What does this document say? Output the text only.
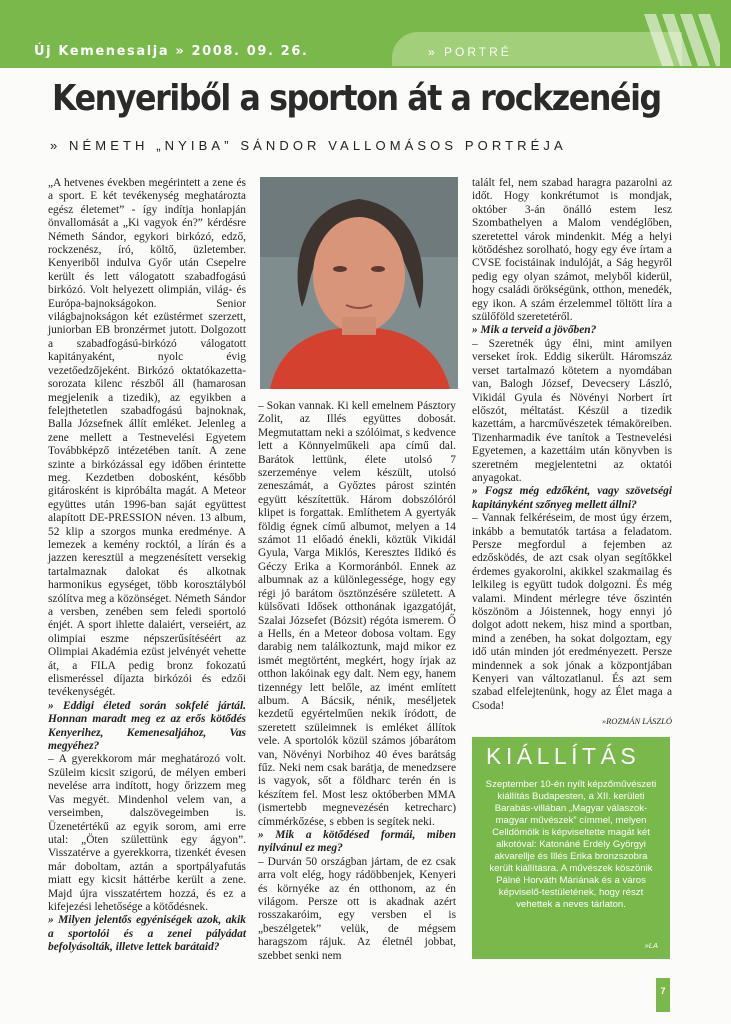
Új Kemenesalja » 2008. 09. 26.	» PORTRÉ
Kenyeriből a sporton át a rockzenéig
» NÉMETH „NYIBA” SÁNDOR VALLOMÁSOS PORTRÉJA

„A hetvenes években megérintett a zene és a sport. E két tevékenység meghatározta egész életemet” - így indítja honlapján önvallomását a „Ki vagyok én?” kérdésre Németh Sándor, egykori birkózó, edző, rockzenész, író, költő, üzletember. Kenyeriből indulva Győr után Csepelre került és lett válogatott szabadfogású birkózó. Volt helyezett olimpián, világ- és Európa-bajnokságokon. Senior világbajnokságon két ezüstérmet szerzett, juniorban EB bronzérmet jutott. Dolgozott a szabadfogású-birkózó válogatott kapitányaként, nyolc évig vezetőedzőjeként. Birkózó oktatókazetta-sorozata kilenc részből áll (hamarosan megjelenik a tizedik), az egyikben a felejthetetlen szabadfogású bajnoknak, Balla Józsefnek állít emléket. Jelenleg a zene mellett a Testnevelési Egyetem Továbbképző intézetében tanít. A zene szinte a birkózással egy időben érintette meg. Kezdetben dobosként, később gitárosként is kipróbálta magát. A Meteor együttes után 1996-ban saját együttest alapított DE-PRESSION néven. 13 album, 52 klip a szorgos munka eredménye. A lemezek a kemény rocktól, a lírán és a jazzen keresztül a megzenésített versekig tartalmaznak dalokat és alkotnak harmonikus egységet, több korosztályból szólítva meg a közönséget. Németh Sándor a versben, zenében sem feledi sportoló énjét. A sport ihlette dalaiért, verseiért, az olimpiai eszme népszerűsítéséért az Olimpiai Akadémia ezüst jelvényét vehette át, a FILA pedig bronz fokozatú elismeréssel díjazta birkózói és edzői tevékenységét.

» Eddigi életed során sokfelé jártál. Honnan maradt meg ez az erős kötődés Kenyerihez, Kemenesaljához, Vas megyéhez?

– A gyerekkorom már meghatározó volt. Szüleim kicsit szigorú, de mélyen emberi nevelése arra indított, hogy őrizzem meg Vas megyét. Mindenhol velem van, a verseimben, dalszövegeimben is. Üzenetértékű az egyik sorom, ami erre utal: „Öten születtünk egy ágyon”. Visszatérve a gyerekkorra, tizenkét évesen már doboltam, aztán a sportpályafutás miatt egy kicsit háttérbe került a zene. Majd újra visszatértem hozzá, és ez a kifejezési lehetősége a kötődésnek.

» Milyen jelentős egyéniségek azok, akik a sportolói és a zenei pályádat befolyásolták, illetve lettek barátaid?

– Sokan vannak. Ki kell emelnem Pásztory Zolit, az Illés együttes dobosát. Megmutattam neki a szólóimat, s kedvence lett a Könnyelműkeli apa című dal. Barátok lettünk, élete utolsó 7 szerzeménye velem készült, utolsó zeneszámát, a Győztes párost szintén együtt készítettük. Három dobszólóról klipet is forgattak. Említhetem A gyertyák földig égnek című albumot, melyen a 14 számot 11 előadó énekli, köztük Vikidál Gyula, Varga Miklós, Keresztes Ildikó és Géczy Erika a Kormoránból. Ennek az albumnak az a különlegessége, hogy egy régi jó barátom ösztönzésére született. A külsővati Idősek otthonának igazgatóját, Szalai Józsefet (Bózsit) régóta ismerem. Ő a Hells, én a Meteor dobosa voltam. Egy darabig nem találkoztunk, majd mikor ez ismét megtörtént, megkért, hogy írjak az otthon lakóinak egy dalt. Nem egy, hanem tizennégy lett belőle, az imént említett album. A Bácsik, nénik, meséljetek kezdetű egyértelműen nekik íródott, de szeretett szüleimnek is emléket állítok vele. A sportolók közül számos jóbarátom van, Növényi Norbihoz 40 éves barátság fűz. Neki nem csak barátja, de menedzsere is vagyok, sőt a földharc terén én is készítem fel. Most lesz októberben MMA (ismertebb megnevezésén ketrecharc) címmérkőzése, s ebben is segítek neki.

» Mik a kötődésed formái, miben nyilvánul ez meg?

– Durván 50 országban jártam, de ez csak arra volt elég, hogy rádöbbenjek, Kenyeri és környéke az én otthonom, az én világom. Persze ott is akadnak azért rosszakaróim, egy versben el is „beszélgetek” velük, de mégsem haragszom rájuk. Az életnél jobbat, szebbet senki nem

talált fel, nem szabad haragra pazarolni az időt. Hogy konkrétumot is mondjak, október 3-án önálló estem lesz Szombathelyen a Malom vendéglőben, szeretettel várok mindenkit. Még a helyi kötődéshez sorolható, hogy egy éve írtam a CVSE focistáinak indulóját, a Ság hegyről pedig egy olyan számot, melyből kiderül, hogy családi örökségünk, otthon, menedék, egy ikon. A szám érzelemmel töltött líra a szülőföld szeretetéről.

» Mik a terveid a jövőben?

– Szeretnék úgy élni, mint amilyen verseket írok. Eddig sikerült. Háromszáz verset tartalmazó kötetem a nyomdában van, Balogh József, Devecsery László, Vikidál Gyula és Növényi Norbert írt előszót, méltatást. Készül a tizedik kazettám, a harcművészetek témaköreiben. Tizenharmadik éve tanítok a Testnevelési Egyetemen, a kazettáim után könyvben is szeretném megjelentetni az oktatói anyagokat.

» Fogsz még edzőként, vagy szövetségi kapitányként szőnyeg mellett állni?

– Vannak felkéréseim, de most úgy érzem, inkább a bemutatók tartása a feladatom. Persze megfordul a fejemben az edzősködés, de azt csak olyan segítőkkel érdemes gyakorolni, akikkel szakmailag és lelkileg is együtt tudok dolgozni. És még valami. Mindent mérlegre téve őszintén köszönöm a Jóistennek, hogy ennyi jó dolgot adott nekem, hisz mind a sportban, mind a zenében, ha sokat dolgoztam, egy idő után minden jót eredményezett. Persze mindennek a sok jónak a központjában Kenyeri van változatlanul. És azt sem szabad elfelejtenünk, hogy az Élet maga a Csoda!

»ROZMÁN LÁSZLÓ
KIÁLLÍTÁS
Szeptember 10-én nyílt képzőművészeti kiállítás Budapesten, a XII. kerületi Barabás-villában „Magyar válaszok-magyar művészek” címmel, melyen Celldömölk is képviseltette magát két alkotóval: Katonáné Erdély Györgyi akvarellje és Illés Erika bronzszobra került kiállításra. A művészek köszönik Pálné Horváth Máriának és a város képviselő-testületének, hogy részt vehettek a neves tárlaton.
»LA
7
